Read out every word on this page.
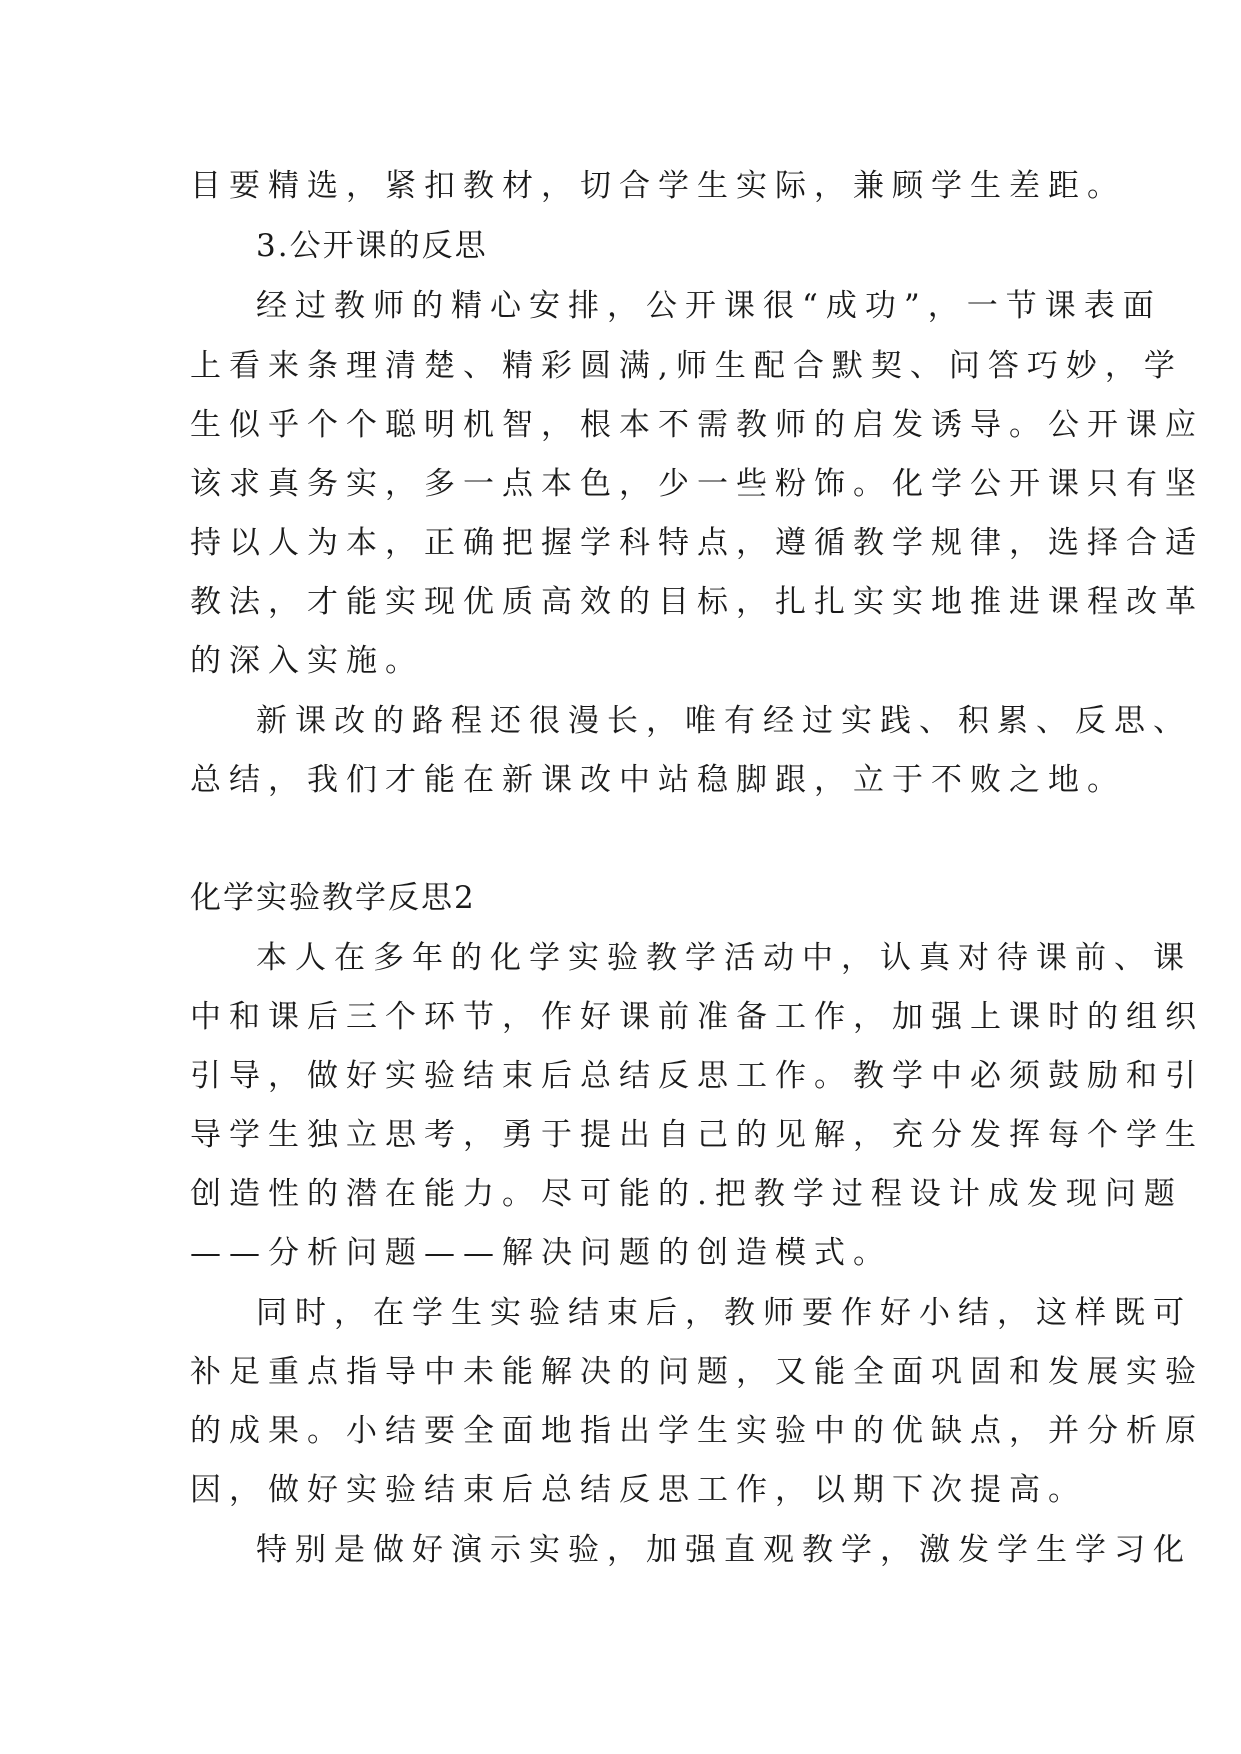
目要精选，紧扣教材，切合学生实际，兼顾学生差距。
3.公开课的反思
经过教师的精心安排，公开课很“成功”，一节课表面
上看来条理清楚、精彩圆满,师生配合默契、问答巧妙，学
生似乎个个聪明机智，根本不需教师的启发诱导。公开课应
该求真务实，多一点本色，少一些粉饰。化学公开课只有坚
持以人为本，正确把握学科特点，遵循教学规律，选择合适
教法，才能实现优质高效的目标，扎扎实实地推进课程改革
的深入实施。
新课改的路程还很漫长，唯有经过实践、积累、反思、
总结，我们才能在新课改中站稳脚跟，立于不败之地。
化学实验教学反思2
本人在多年的化学实验教学活动中，认真对待课前、课
中和课后三个环节，作好课前准备工作，加强上课时的组织
引导，做好实验结束后总结反思工作。教学中必须鼓励和引
导学生独立思考，勇于提出自己的见解，充分发挥每个学生
创造性的潜在能力。尽可能的.把教学过程设计成发现问题
——分析问题——解决问题的创造模式。
同时，在学生实验结束后，教师要作好小结，这样既可
补足重点指导中未能解决的问题，又能全面巩固和发展实验
的成果。小结要全面地指出学生实验中的优缺点，并分析原
因，做好实验结束后总结反思工作，以期下次提高。
特别是做好演示实验，加强直观教学，激发学生学习化
